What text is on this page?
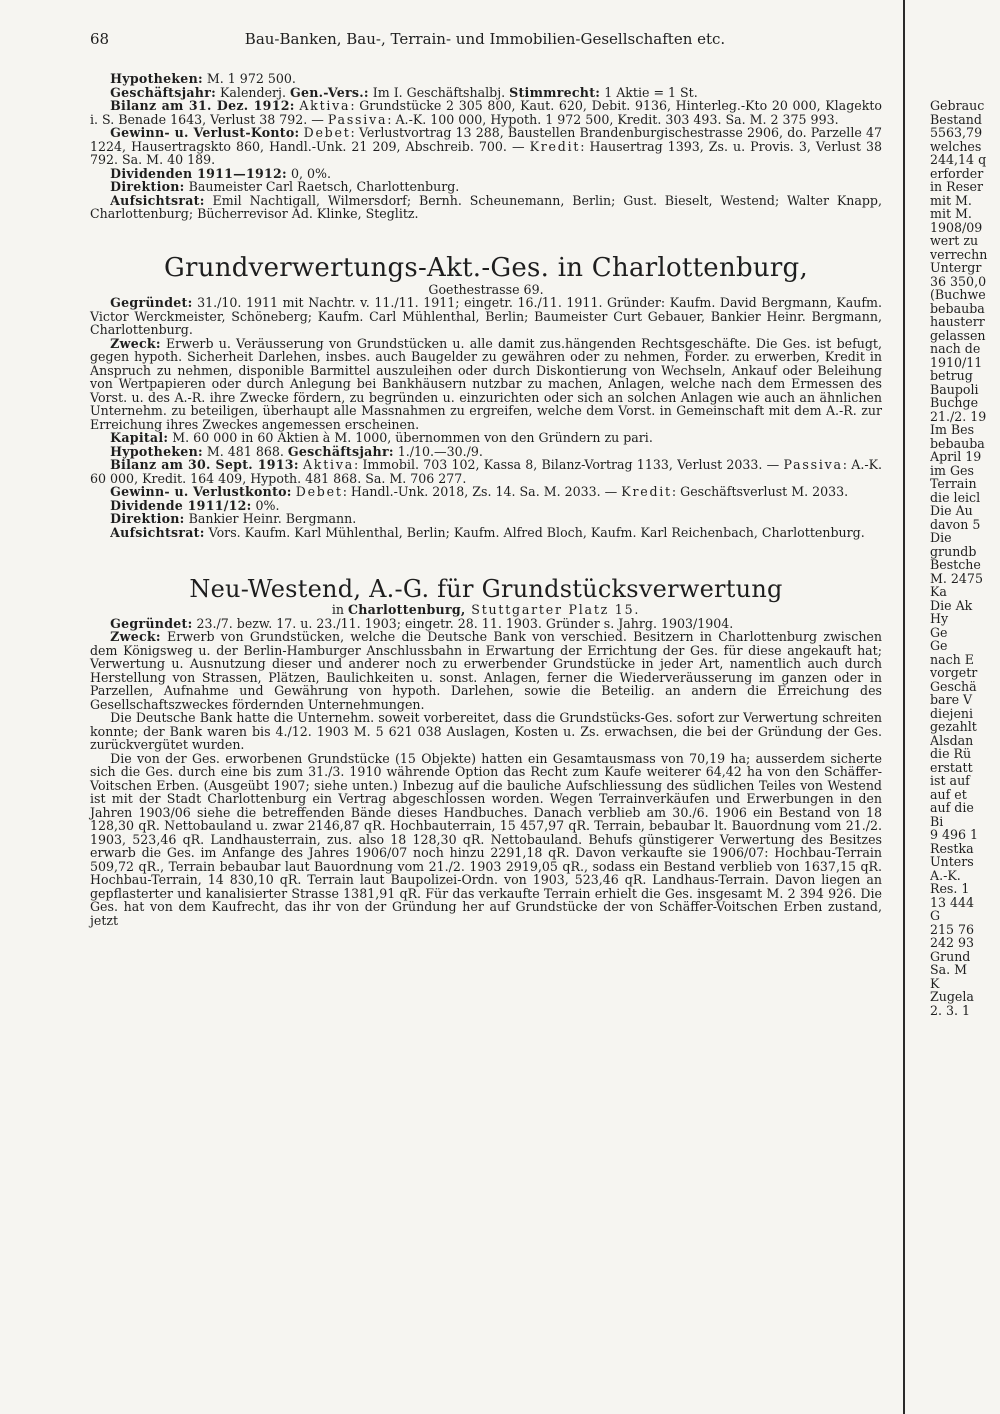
68	Bau-Banken, Bau-, Terrain- und Immobilien-Gesellschaften etc.

Hypotheken: M. 1 972 500.

Geschäftsjahr: Kalenderj. Gen.-Vers.: Im I. Geschäftshalbj. Stimmrecht: 1 Aktie = 1 St.

Bilanz am 31. Dez. 1912: Aktiva: Grundstücke 2 305 800, Kaut. 620, Debit. 9136, Hinterleg.-Kto 20 000, Klagekto i. S. Benade 1643, Verlust 38 792. — Passiva: A.-K. 100 000, Hypoth. 1 972 500, Kredit. 303 493. Sa. M. 2 375 993.

Gewinn- u. Verlust-Konto: Debet: Verlustvortrag 13 288, Baustellen Brandenburgischestrasse 2906, do. Parzelle 47 1224, Hausertragskto 860, Handl.-Unk. 21 209, Abschreib. 700. — Kredit: Hausertrag 1393, Zs. u. Provis. 3, Verlust 38 792. Sa. M. 40 189.

Dividenden 1911—1912: 0, 0%.

Direktion: Baumeister Carl Raetsch, Charlottenburg.

Aufsichtsrat: Emil Nachtigall, Wilmersdorf; Bernh. Scheunemann, Berlin; Gust. Bieselt, Westend; Walter Knapp, Charlottenburg; Bücherrevisor Ad. Klinke, Steglitz.

Grundverwertungs-Akt.-Ges. in Charlottenburg,

Goethestrasse 69.

Gegründet: 31./10. 1911 mit Nachtr. v. 11./11. 1911; eingetr. 16./11. 1911. Gründer: Kaufm. David Bergmann, Kaufm. Victor Werckmeister, Schöneberg; Kaufm. Carl Mühlenthal, Berlin; Baumeister Curt Gebauer, Bankier Heinr. Bergmann, Charlottenburg.

Zweck: Erwerb u. Veräusserung von Grundstücken u. alle damit zus.hängenden Rechtsgeschäfte. Die Ges. ist befugt, gegen hypoth. Sicherheit Darlehen, insbes. auch Baugelder zu gewähren oder zu nehmen, Forder. zu erwerben, Kredit in Anspruch zu nehmen, disponible Barmittel auszuleihen oder durch Diskontierung von Wechseln, Ankauf oder Beleihung von Wertpapieren oder durch Anlegung bei Bankhäusern nutzbar zu machen, Anlagen, welche nach dem Ermessen des Vorst. u. des A.-R. ihre Zwecke fördern, zu begründen u. einzurichten oder sich an solchen Anlagen wie auch an ähnlichen Unternehm. zu beteiligen, überhaupt alle Massnahmen zu ergreifen, welche dem Vorst. in Gemeinschaft mit dem A.-R. zur Erreichung ihres Zweckes angemessen erscheinen.

Kapital: M. 60 000 in 60 Aktien à M. 1000, übernommen von den Gründern zu pari.

Hypotheken: M. 481 868. Geschäftsjahr: 1./10.—30./9.

Bilanz am 30. Sept. 1913: Aktiva: Immobil. 703 102, Kassa 8, Bilanz-Vortrag 1133, Verlust 2033. — Passiva: A.-K. 60 000, Kredit. 164 409, Hypoth. 481 868. Sa. M. 706 277.

Gewinn- u. Verlustkonto: Debet: Handl.-Unk. 2018, Zs. 14. Sa. M. 2033. — Kredit: Geschäftsverlust M. 2033.

Dividende 1911/12: 0%.

Direktion: Bankier Heinr. Bergmann.

Aufsichtsrat: Vors. Kaufm. Karl Mühlenthal, Berlin; Kaufm. Alfred Bloch, Kaufm. Karl Reichenbach, Charlottenburg.

Neu-Westend, A.-G. für Grundstücksverwertung

in Charlottenburg, Stuttgarter Platz 15.

Gegründet: 23./7. bezw. 17. u. 23./11. 1903; eingetr. 28. 11. 1903. Gründer s. Jahrg. 1903/1904.

Zweck: Erwerb von Grundstücken, welche die Deutsche Bank von verschied. Besitzern in Charlottenburg zwischen dem Königsweg u. der Berlin-Hamburger Anschlussbahn in Erwartung der Errichtung der Ges. für diese angekauft hat; Verwertung u. Ausnutzung dieser und anderer noch zu erwerbender Grundstücke in jeder Art, namentlich auch durch Herstellung von Strassen, Plätzen, Baulichkeiten u. sonst. Anlagen, ferner die Wiederveräusserung im ganzen oder in Parzellen, Aufnahme und Gewährung von hypoth. Darlehen, sowie die Beteilig. an andern die Erreichung des Gesellschaftszweckes fördernden Unternehmungen.

Die Deutsche Bank hatte die Unternehm. soweit vorbereitet, dass die Grundstücks-Ges. sofort zur Verwertung schreiten konnte; der Bank waren bis 4./12. 1903 M. 5 621 038 Auslagen, Kosten u. Zs. erwachsen, die bei der Gründung der Ges. zurückvergütet wurden.

Die von der Ges. erworbenen Grundstücke (15 Objekte) hatten ein Gesamtausmass von 70,19 ha; ausserdem sicherte sich die Ges. durch eine bis zum 31./3. 1910 währende Option das Recht zum Kaufe weiterer 64,42 ha von den Schäffer-Voitschen Erben. (Ausgeübt 1907; siehe unten.) Inbezug auf die bauliche Aufschliessung des südlichen Teiles von Westend ist mit der Stadt Charlottenburg ein Vertrag abgeschlossen worden. Wegen Terrainverkäufen und Erwerbungen in den Jahren 1903/06 siehe die betreffenden Bände dieses Handbuches. Danach verblieb am 30./6. 1906 ein Bestand von 18 128,30 qR. Nettobauland u. zwar 2146,87 qR. Hochbauterrain, 15 457,97 qR. Terrain, bebaubar lt. Bauordnung vom 21./2. 1903, 523,46 qR. Landhausterrain, zus. also 18 128,30 qR. Nettobauland. Behufs günstigerer Verwertung des Besitzes erwarb die Ges. im Anfange des Jahres 1906/07 noch hinzu 2291,18 qR. Davon verkaufte sie 1906/07: Hochbau-Terrain 509,72 qR., Terrain bebaubar laut Bauordnung vom 21./2. 1903 2919,05 qR., sodass ein Bestand verblieb von 1637,15 qR. Hochbau-Terrain, 14 830,10 qR. Terrain laut Baupolizei-Ordn. von 1903, 523,46 qR. Landhaus-Terrain. Davon liegen an gepflasterter und kanalisierter Strasse 1381,91 qR. Für das verkaufte Terrain erhielt die Ges. insgesamt M. 2 394 926. Die Ges. hat von dem Kaufrecht, das ihr von der Gründung her auf Grundstücke der von Schäffer-Voitschen Erben zustand, jetzt

Gebrauc
Bestand
5563,79
welches
244,14 q
erforder
in Reser
mit M.
mit M.
1908/09
wert zu
verrechn
Untergr
36 350,0
(Buchwe
bebauba
hausterr
gelassen
nach de
1910/11
betrug
Baupoli
Buchge
21./2. 19
Im Bes
bebauba
April 19
im Ges
Terrain
die leicl
Die Au
davon 5
Die
grundb
Bestche
M. 2475
Ka
Die Ak
Hy
Ge
Ge
nach E
vorgetr
Geschä
bare V
diejeni
gezahlt
Alsdan
die Rü
erstatt
ist auf
auf et
auf die
Bi
9 496 1
Restka
Unters
A.-K.
Res. 1
13 444
G
215 76
242 93
Grund
Sa. M
K
Zugela
2. 3. 1
